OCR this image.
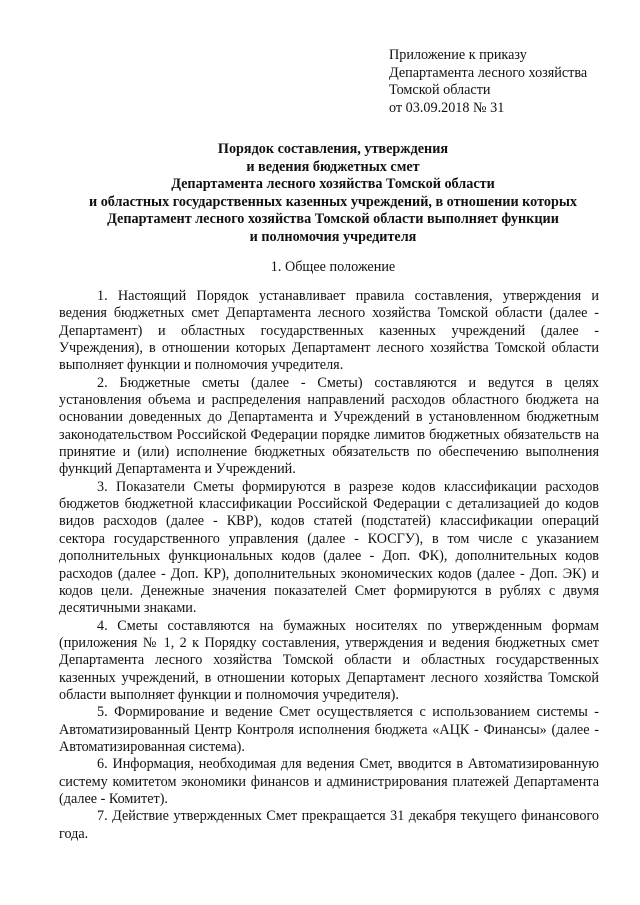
Приложение к приказу
Департамента лесного хозяйства
Томской области
от 03.09.2018 № 31
Порядок составления, утверждения
и ведения бюджетных смет
Департамента лесного хозяйства Томской области
и областных государственных казенных учреждений, в отношении которых
Департамент лесного хозяйства Томской области выполняет функции
и полномочия учредителя
1. Общее положение

1. Настоящий Порядок устанавливает правила составления, утверждения и ведения бюджетных смет Департамента лесного хозяйства Томской области (далее - Департамент) и областных государственных казенных учреждений (далее - Учреждения), в отношении которых Департамент лесного хозяйства Томской области выполняет функции и полномочия учредителя.

2. Бюджетные сметы (далее - Сметы) составляются и ведутся в целях установления объема и распределения направлений расходов областного бюджета на основании доведенных до Департамента и Учреждений в установленном бюджетным законодательством Российской Федерации порядке лимитов бюджетных обязательств на принятие и (или) исполнение бюджетных обязательств по обеспечению выполнения функций Департамента и Учреждений.

3. Показатели Сметы формируются в разрезе кодов классификации расходов бюджетов бюджетной классификации Российской Федерации с детализацией до кодов видов расходов (далее - КВР), кодов статей (подстатей) классификации операций сектора государственного управления (далее - КОСГУ), в том числе с указанием дополнительных функциональных кодов (далее - Доп. ФК), дополнительных кодов расходов (далее - Доп. КР), дополнительных экономических кодов (далее - Доп. ЭК) и кодов цели. Денежные значения показателей Смет формируются в рублях с двумя десятичными знаками.

4. Сметы составляются на бумажных носителях по утвержденным формам (приложения № 1, 2 к Порядку составления, утверждения и ведения бюджетных смет Департамента лесного хозяйства Томской области и областных государственных казенных учреждений, в отношении которых Департамент лесного хозяйства Томской области выполняет функции и полномочия учредителя).

5. Формирование и ведение Смет осуществляется с использованием системы - Автоматизированный Центр Контроля исполнения бюджета «АЦК - Финансы» (далее - Автоматизированная система).

6. Информация, необходимая для ведения Смет, вводится в Автоматизированную систему комитетом экономики финансов и администрирования платежей Департамента (далее - Комитет).

7. Действие утвержденных Смет прекращается 31 декабря текущего финансового года.
